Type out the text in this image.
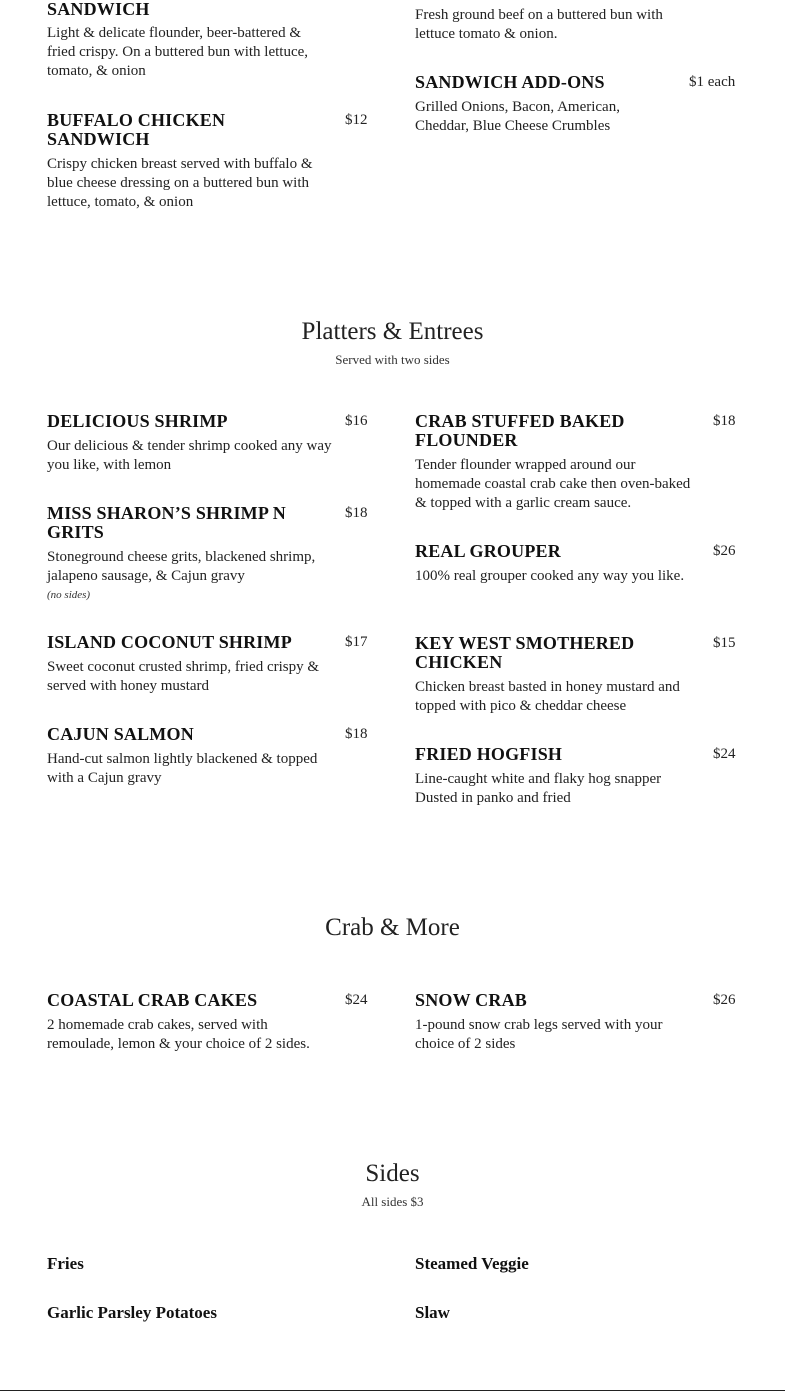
SANDWICH
Light & delicate flounder, beer-battered & fried crispy. On a buttered bun with lettuce, tomato, & onion
BUFFALO CHICKEN SANDWICH
Crispy chicken breast served with buffalo & blue cheese dressing on a buttered bun with lettuce, tomato, & onion
$12
Fresh ground beef on a buttered bun with lettuce tomato & onion.
SANDWICH ADD-ONS
Grilled Onions, Bacon, American, Cheddar, Blue Cheese Crumbles
$1 each
Platters & Entrees
Served with two sides
DELICIOUS SHRIMP
Our delicious & tender shrimp cooked any way you like, with lemon
$16
MISS SHARON’S SHRIMP N GRITS
Stoneground cheese grits, blackened shrimp, jalapeno sausage, & Cajun gravy
(no sides)
$18
ISLAND COCONUT SHRIMP
Sweet coconut crusted shrimp, fried crispy & served with honey mustard
$17
CAJUN SALMON
Hand-cut salmon lightly blackened & topped with a Cajun gravy
$18
CRAB STUFFED BAKED FLOUNDER
Tender flounder wrapped around our homemade coastal crab cake then oven-baked & topped with a garlic cream sauce.
$18
REAL GROUPER
100% real grouper cooked any way you like.
$26
KEY WEST SMOTHERED CHICKEN
Chicken breast basted in honey mustard and topped with pico & cheddar cheese
$15
FRIED HOGFISH
Line-caught white and flaky hog snapper Dusted in panko and fried
$24
Crab & More
COASTAL CRAB CAKES
2 homemade crab cakes, served with remoulade, lemon & your choice of 2 sides.
$24	SNOW CRAB
1-pound snow crab legs served with your choice of 2 sides
$26
Sides
All sides $3
Fries	Steamed Veggie
Garlic Parsley Potatoes	Slaw
